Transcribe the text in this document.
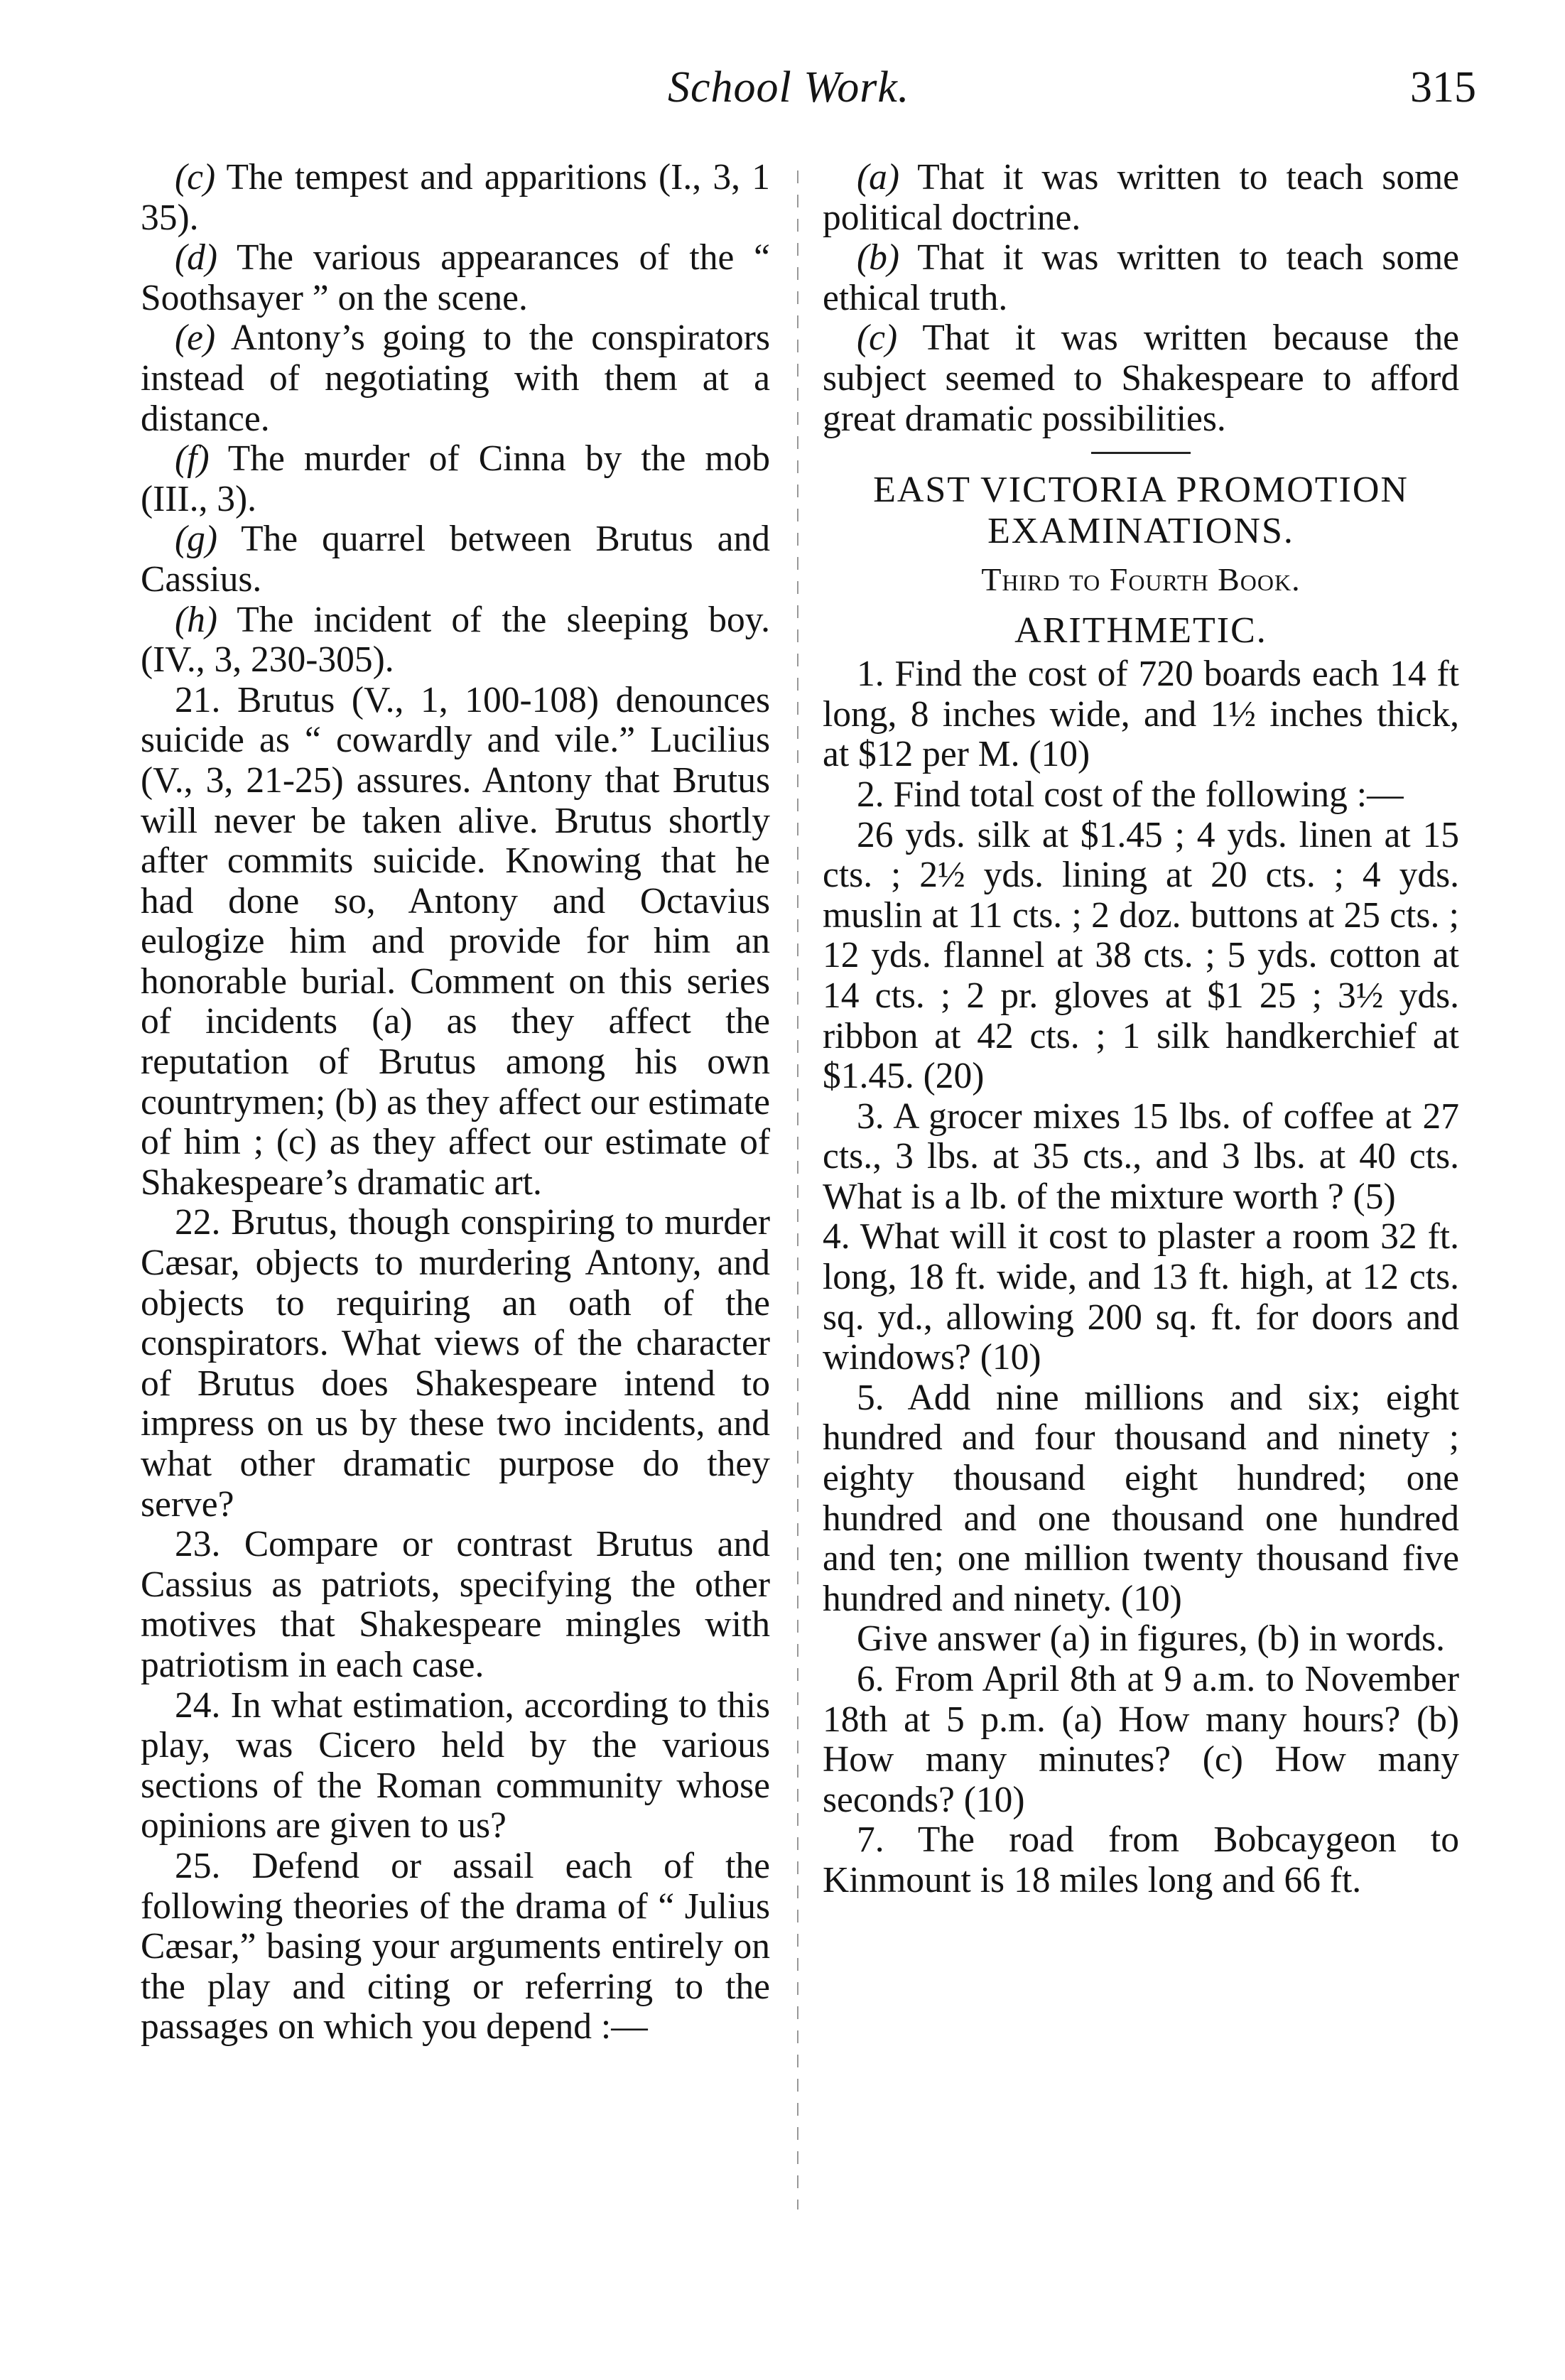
School Work.	315

(c) The tempest and apparitions (I., 3, 1 35).

(d) The various appearances of the “ Soothsayer ” on the scene.

(e) Antony’s going to the conspirators instead of negotiating with them at a distance.

(f) The murder of Cinna by the mob (III., 3).

(g) The quarrel between Brutus and Cassius.

(h) The incident of the sleeping boy. (IV., 3, 230-305).

21. Brutus (V., 1, 100-108) denounces suicide as “ cowardly and vile.” Lucilius (V., 3, 21-25) assures. Antony that Brutus will never be taken alive. Brutus shortly after commits suicide. Knowing that he had done so, Antony and Octavius eulogize him and provide for him an honorable burial. Comment on this series of incidents (a) as they affect the reputation of Brutus among his own countrymen; (b) as they affect our estimate of him ; (c) as they affect our estimate of Shakespeare’s dramatic art.

22. Brutus, though conspiring to murder Cæsar, objects to murdering Antony, and objects to requiring an oath of the conspirators. What views of the character of Brutus does Shakespeare intend to impress on us by these two incidents, and what other dramatic purpose do they serve?

23. Compare or contrast Brutus and Cassius as patriots, specifying the other motives that Shakespeare mingles with patriotism in each case.

24. In what estimation, according to this play, was Cicero held by the various sections of the Roman community whose opinions are given to us?

25. Defend or assail each of the following theories of the drama of “ Julius Cæsar,” basing your arguments entirely on the play and citing or referring to the passages on which you depend :—

(a) That it was written to teach some political doctrine.

(b) That it was written to teach some ethical truth.

(c) That it was written because the subject seemed to Shakespeare to afford great dramatic possibilities.

EAST VICTORIA PROMOTION

EXAMINATIONS.

Third to Fourth Book.

ARITHMETIC.

1. Find the cost of 720 boards each 14 ft long, 8 inches wide, and 1½ inches thick, at $12 per M. (10)

2. Find total cost of the following :—

26 yds. silk at $1.45 ; 4 yds. linen at 15 cts. ; 2½ yds. lining at 20 cts. ; 4 yds. muslin at 11 cts. ; 2 doz. buttons at 25 cts. ; 12 yds. flannel at 38 cts. ; 5 yds. cotton at 14 cts. ; 2 pr. gloves at $1 25 ; 3½ yds. ribbon at 42 cts. ; 1 silk handkerchief at $1.45. (20)

3. A grocer mixes 15 lbs. of coffee at 27 cts., 3 lbs. at 35 cts., and 3 lbs. at 40 cts. What is a lb. of the mixture worth ? (5)

4. What will it cost to plaster a room 32 ft. long, 18 ft. wide, and 13 ft. high, at 12 cts. sq. yd., allowing 200 sq. ft. for doors and windows? (10)

5. Add nine millions and six; eight hundred and four thousand and ninety ; eighty thousand eight hundred; one hundred and one thousand one hundred and ten; one million twenty thousand five hundred and ninety. (10)

Give answer (a) in figures, (b) in words.

6. From April 8th at 9 a.m. to November 18th at 5 p.m. (a) How many hours? (b) How many minutes? (c) How many seconds? (10)

7. The road from Bobcaygeon to Kinmount is 18 miles long and 66 ft.
